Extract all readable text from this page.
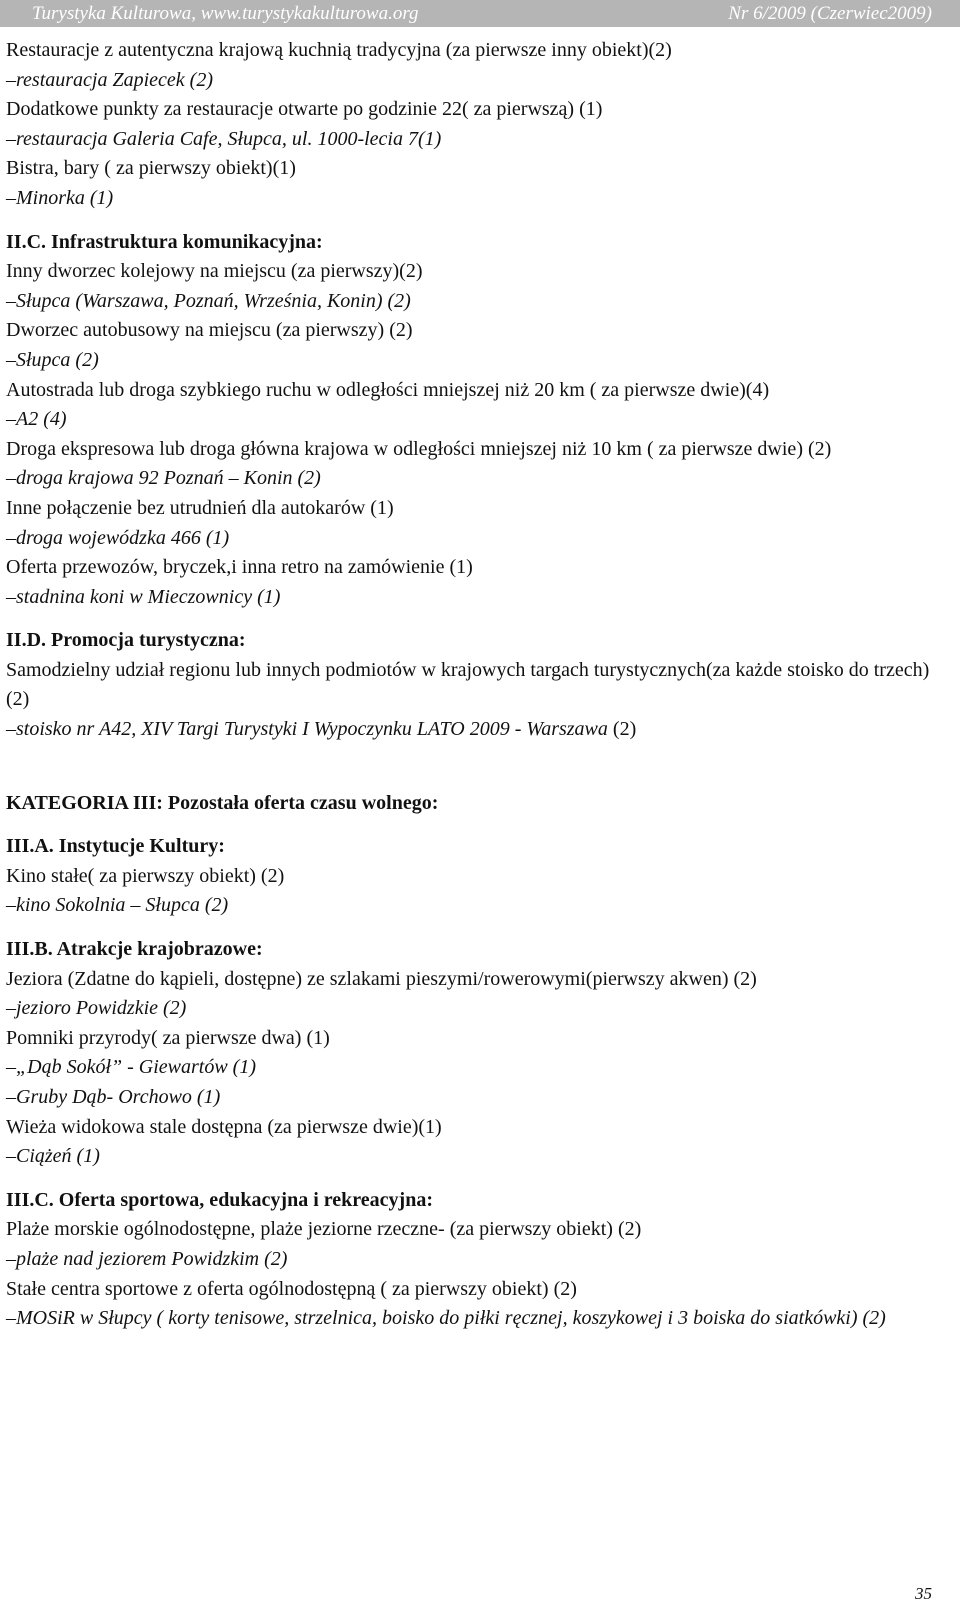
Turystyka Kulturowa, www.turystykakulturowa.org	Nr 6/2009 (Czerwiec2009)

Restauracje z autentyczna krajową kuchnią tradycyjna (za pierwsze inny obiekt)(2)

–restauracja Zapiecek (2)

Dodatkowe punkty za restauracje otwarte po godzinie 22( za pierwszą) (1)

–restauracja Galeria Cafe, Słupca, ul. 1000-lecia 7(1)

Bistra, bary ( za pierwszy obiekt)(1)

–Minorka (1)

II.C. Infrastruktura komunikacyjna:

Inny dworzec kolejowy na miejscu (za pierwszy)(2)

–Słupca (Warszawa, Poznań, Września, Konin) (2)

Dworzec autobusowy na miejscu (za pierwszy) (2)

–Słupca (2)

Autostrada lub droga szybkiego ruchu w odległości mniejszej niż 20 km ( za pierwsze dwie)(4)

–A2 (4)

Droga ekspresowa lub droga główna krajowa w odległości mniejszej niż 10 km ( za pierwsze dwie) (2)

–droga krajowa 92 Poznań – Konin (2)

Inne połączenie bez utrudnień dla autokarów (1)

–droga wojewódzka 466 (1)

Oferta przewozów, bryczek,i inna retro na zamówienie (1)

–stadnina koni w Mieczownicy (1)

II.D. Promocja turystyczna:

Samodzielny udział regionu lub innych podmiotów w krajowych targach turystycznych(za każde stoisko do trzech)(2)

–stoisko nr A42, XIV Targi Turystyki I Wypoczynku LATO 2009 - Warszawa (2)

KATEGORIA III: Pozostała oferta czasu wolnego:

III.A. Instytucje Kultury:

Kino stałe( za pierwszy obiekt) (2)

–kino Sokolnia – Słupca (2)

III.B. Atrakcje krajobrazowe:

Jeziora (Zdatne do kąpieli, dostępne) ze szlakami pieszymi/rowerowymi(pierwszy akwen) (2)

–jezioro Powidzkie (2)

Pomniki przyrody( za pierwsze dwa) (1)

–„Dąb Sokół” - Giewartów (1)

–Gruby Dąb- Orchowo (1)

Wieża widokowa stale dostępna (za pierwsze dwie)(1)

–Ciążeń (1)

III.C. Oferta sportowa, edukacyjna i rekreacyjna:

Plaże morskie ogólnodostępne, plaże jeziorne rzeczne- (za pierwszy obiekt) (2)

–plaże nad jeziorem Powidzkim (2)

Stałe centra sportowe z oferta ogólnodostępną ( za pierwszy obiekt) (2)

–MOSiR w Słupcy ( korty tenisowe, strzelnica, boisko do piłki ręcznej, koszykowej i 3 boiska do siatkówki) (2)

35
